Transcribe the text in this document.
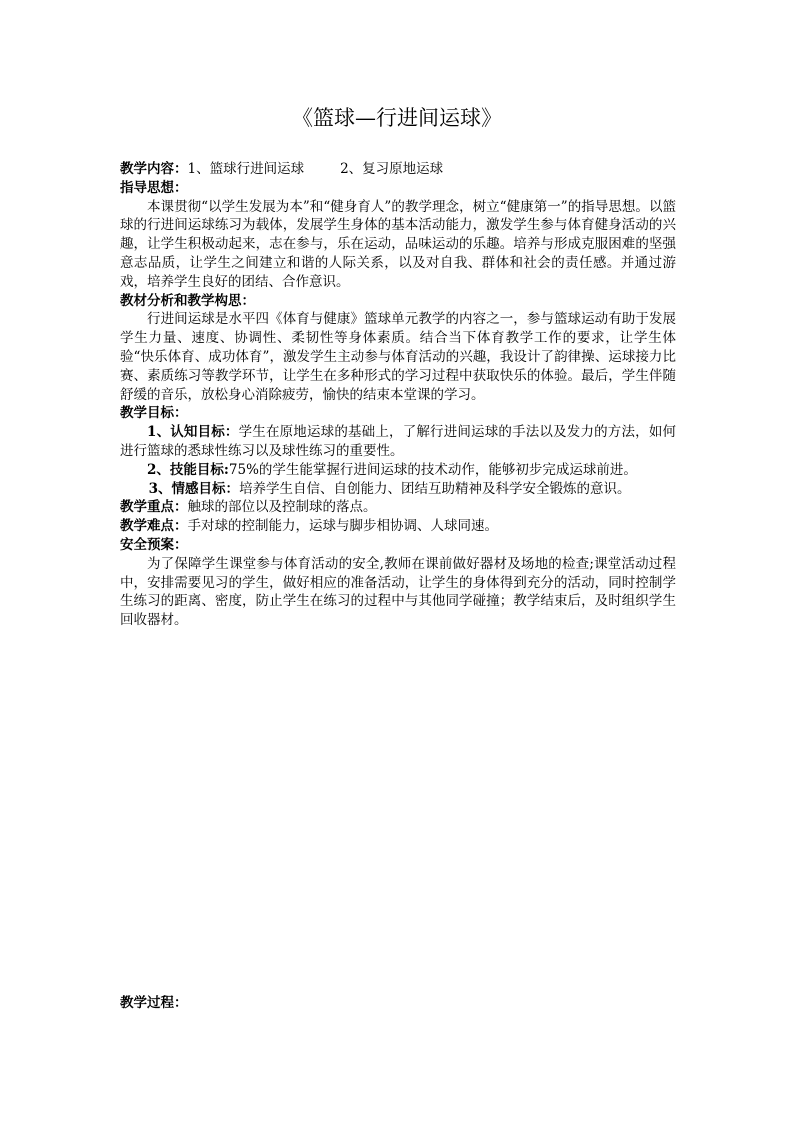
《篮球—行进间运球》

教学内容：1、篮球行进间运球	2、复习原地运球

指导思想：

本课贯彻“以学生发展为本”和“健身育人”的教学理念，树立“健康第一”的指导思想。以篮球的行进间运球练习为载体，发展学生身体的基本活动能力，激发学生参与体育健身活动的兴趣，让学生积极动起来，志在参与，乐在运动，品味运动的乐趣。培养与形成克服困难的坚强意志品质，让学生之间建立和谐的人际关系，以及对自我、群体和社会的责任感。并通过游戏，培养学生良好的团结、合作意识。

教材分析和教学构思：

行进间运球是水平四《体育与健康》篮球单元教学的内容之一，参与篮球运动有助于发展学生力量、速度、协调性、柔韧性等身体素质。结合当下体育教学工作的要求，让学生体验“快乐体育、成功体育”，激发学生主动参与体育活动的兴趣，我设计了韵律操、运球接力比赛、素质练习等教学环节，让学生在多种形式的学习过程中获取快乐的体验。最后，学生伴随舒缓的音乐，放松身心消除疲劳，愉快的结束本堂课的学习。

教学目标：

1、认知目标：学生在原地运球的基础上，了解行进间运球的手法以及发力的方法，如何进行篮球的悉球性练习以及球性练习的重要性。

2、技能目标:75%的学生能掌握行进间运球的技术动作，能够初步完成运球前进。

3、情感目标：培养学生自信、自创能力、团结互助精神及科学安全锻炼的意识。

教学重点：触球的部位以及控制球的落点。

教学难点：手对球的控制能力，运球与脚步相协调、人球同速。

安全预案：

为了保障学生课堂参与体育活动的安全,教师在课前做好器材及场地的检查;课堂活动过程中，安排需要见习的学生，做好相应的准备活动，让学生的身体得到充分的活动，同时控制学生练习的距离、密度，防止学生在练习的过程中与其他同学碰撞；教学结束后，及时组织学生回收器材。

教学过程：
